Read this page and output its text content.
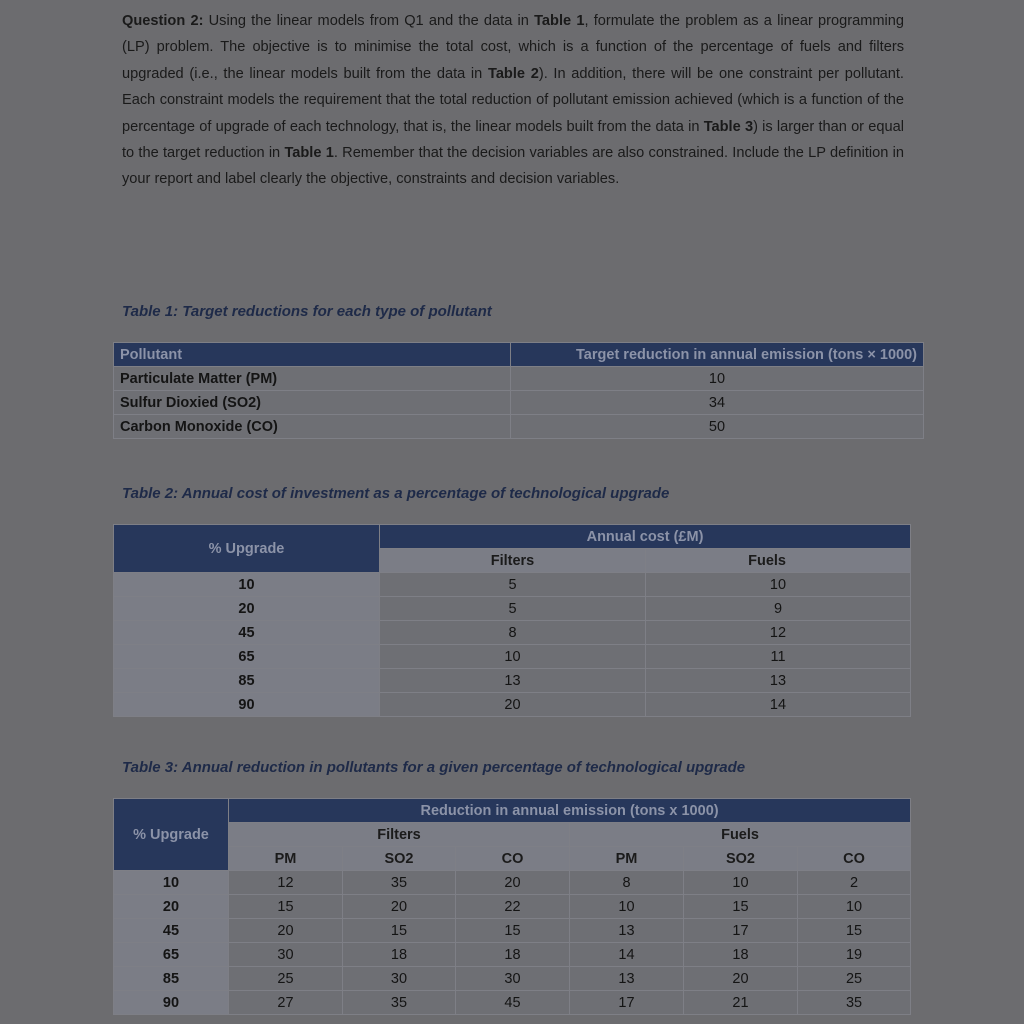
Question 2: Using the linear models from Q1 and the data in Table 1, formulate the problem as a linear programming (LP) problem. The objective is to minimise the total cost, which is a function of the percentage of fuels and filters upgraded (i.e., the linear models built from the data in Table 2). In addition, there will be one constraint per pollutant. Each constraint models the requirement that the total reduction of pollutant emission achieved (which is a function of the percentage of upgrade of each technology, that is, the linear models built from the data in Table 3) is larger than or equal to the target reduction in Table 1. Remember that the decision variables are also constrained. Include the LP definition in your report and label clearly the objective, constraints and decision variables.

Table 1: Target reductions for each type of pollutant
Pollutant	Target reduction in annual emission (tons × 1000)
Particulate Matter (PM)	10
Sulfur Dioxied (SO2)	34
Carbon Monoxide (CO)	50
Table 2: Annual cost of investment as a percentage of technological upgrade
% Upgrade	Annual cost (£M)	
	Filters	Fuels
10	5	10
20	5	9
45	8	12
65	10	11
85	13	13
90	20	14
Table 3: Annual reduction in pollutants for a given percentage of technological upgrade
% Upgrade	Reduction in annual emission (tons x 1000)					
	Filters			Fuels		
	PM	SO2	CO	PM	SO2	CO
10	12	35	20	8	10	2
20	15	20	22	10	15	10
45	20	15	15	13	17	15
65	30	18	18	14	18	19
85	25	30	30	13	20	25
90	27	35	45	17	21	35
